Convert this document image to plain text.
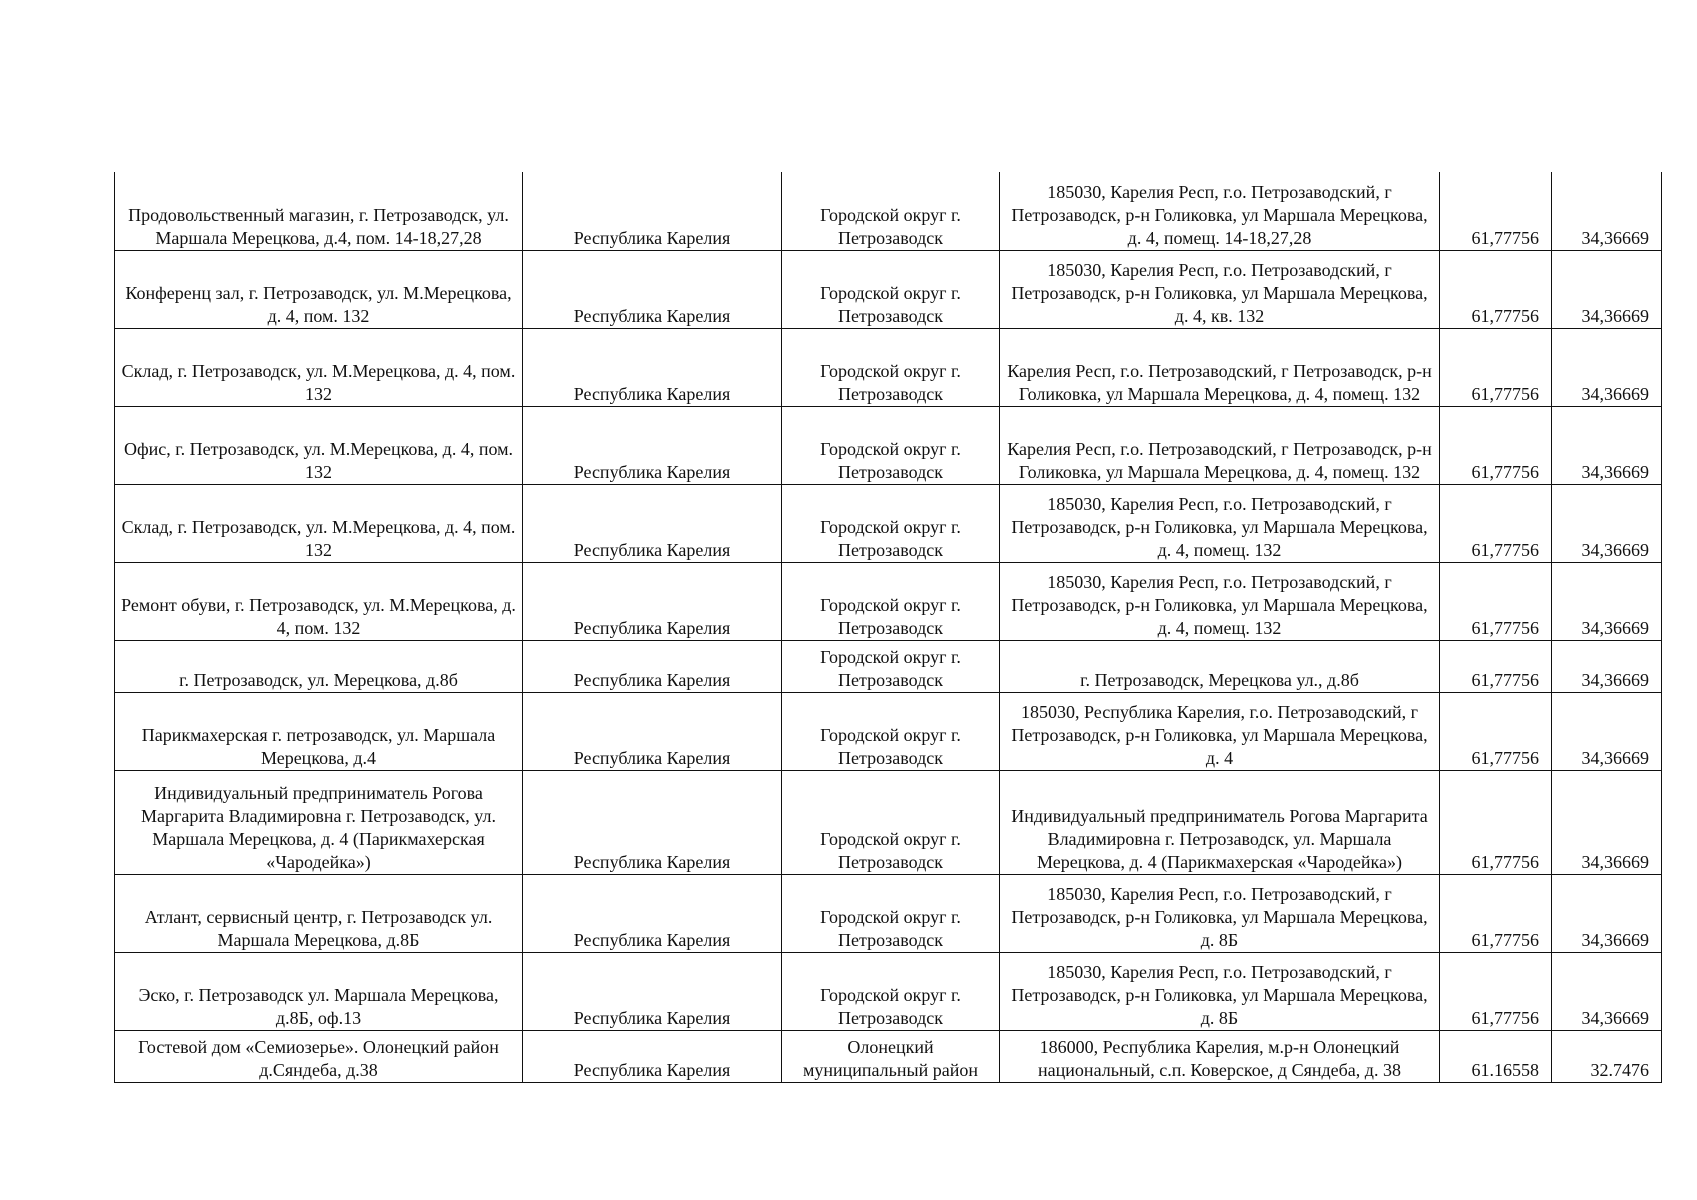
Продовольственный магазин, г. Петрозаводск, ул. Маршала Мерецкова, д.4, пом. 14-18,27,28	Республика Карелия	Городской округ г. Петрозаводск	185030, Карелия Респ, г.о. Петрозаводский, г Петрозаводск, р-н Голиковка, ул Маршала Мерецкова, д. 4, помещ. 14-18,27,28	61,77756	34,36669
Конференц зал, г. Петрозаводск, ул. М.Мерецкова, д. 4, пом. 132	Республика Карелия	Городской округ г. Петрозаводск	185030, Карелия Респ, г.о. Петрозаводский, г Петрозаводск, р-н Голиковка, ул Маршала Мерецкова, д. 4, кв. 132	61,77756	34,36669
Склад, г. Петрозаводск, ул. М.Мерецкова, д. 4, пом. 132	Республика Карелия	Городской округ г. Петрозаводск	Карелия Респ, г.о. Петрозаводский, г Петрозаводск, р-н Голиковка, ул Маршала Мерецкова, д. 4, помещ. 132	61,77756	34,36669
Офис, г. Петрозаводск, ул. М.Мерецкова, д. 4, пом. 132	Республика Карелия	Городской округ г. Петрозаводск	Карелия Респ, г.о. Петрозаводский, г Петрозаводск, р-н Голиковка, ул Маршала Мерецкова, д. 4, помещ. 132	61,77756	34,36669
Склад, г. Петрозаводск, ул. М.Мерецкова, д. 4, пом. 132	Республика Карелия	Городской округ г. Петрозаводск	185030, Карелия Респ, г.о. Петрозаводский, г Петрозаводск, р-н Голиковка, ул Маршала Мерецкова, д. 4, помещ. 132	61,77756	34,36669
Ремонт обуви, г. Петрозаводск, ул. М.Мерецкова, д. 4, пом. 132	Республика Карелия	Городской округ г. Петрозаводск	185030, Карелия Респ, г.о. Петрозаводский, г Петрозаводск, р-н Голиковка, ул Маршала Мерецкова, д. 4, помещ. 132	61,77756	34,36669
г. Петрозаводск, ул. Мерецкова, д.8б	Республика Карелия	Городской округ г. Петрозаводск	г. Петрозаводск, Мерецкова ул., д.8б	61,77756	34,36669
Парикмахерская г. петрозаводск, ул. Маршала Мерецкова, д.4	Республика Карелия	Городской округ г. Петрозаводск	185030, Республика Карелия, г.о. Петрозаводский, г Петрозаводск, р-н Голиковка, ул Маршала Мерецкова, д. 4	61,77756	34,36669
Индивидуальный предприниматель Рогова Маргарита Владимировна г. Петрозаводск, ул. Маршала Мерецкова, д. 4 (Парикмахерская «Чародейка»)	Республика Карелия	Городской округ г. Петрозаводск	Индивидуальный предприниматель Рогова Маргарита Владимировна г. Петрозаводск, ул. Маршала Мерецкова, д. 4 (Парикмахерская «Чародейка»)	61,77756	34,36669
Атлант, сервисный центр, г. Петрозаводск ул. Маршала Мерецкова, д.8Б	Республика Карелия	Городской округ г. Петрозаводск	185030, Карелия Респ, г.о. Петрозаводский, г Петрозаводск, р-н Голиковка, ул Маршала Мерецкова, д. 8Б	61,77756	34,36669
Эско, г. Петрозаводск ул. Маршала Мерецкова, д.8Б, оф.13	Республика Карелия	Городской округ г. Петрозаводск	185030, Карелия Респ, г.о. Петрозаводский, г Петрозаводск, р-н Голиковка, ул Маршала Мерецкова, д. 8Б	61,77756	34,36669
Гостевой дом «Семиозерье». Олонецкий район д.Сяндеба, д.38	Республика Карелия	Олонецкий муниципальный район	186000, Республика Карелия, м.р-н Олонецкий национальный, с.п. Коверское, д Сяндеба, д. 38	61.16558	32.7476
